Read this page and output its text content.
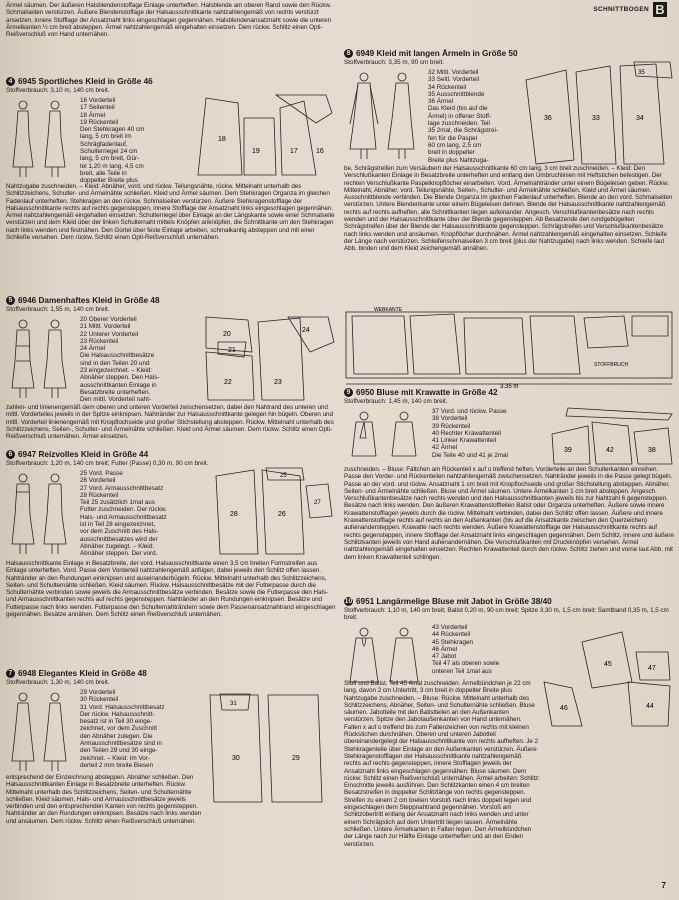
Ärmel säumen. Der äußeren Halsblendenstoffage Einlage unterheften. Halsblende am oberen Rand sowie den Rückw. Schmalseiten verstürzen. Äußere Blendenstoffage der Halsausschnittkante nahtzahlengemäß von rechts verstürzt ansetzen, innere Stofflage der Ansatznaht links eingeschlagen gegennähen. Halsblendenansatznaht sowie die unteren Ärmelkanten ½ cm breit absteppen. Ärmel nahtzahlengemäß eingehalten einsetzen. Dem rückw. Schlitz einen Opti-Reißverschluß von Hand unternähen.
4 6945 Sportliches Kleid in Größe 46
Stoffverbrauch: 3,10 m, 140 cm breit.
16 Vorderteil
17 Seitenteil
18 Ärmel
19 Rückenteil
Den Stehkragen 40 cm
lang, 5 cm breit im
Schrägfadenlauf,
Schulterriegel 24 cm
lang, 5 cm breit, Gür-
tel 1,20 m lang, 4,5 cm
breit, alle Teile in
doppelter Breite plus
18
19	17	16
Nahtzugabe zuschneiden. – Kleid: Abnäher, vord. und rückw. Teilungsnähte, rückw. Mittelnaht unterhalb des Schlitzzeichens, Schulter- und Ärmelnähte schließen. Kleid und Ärmel säumen. Dem Stehkragen Organza im gleichen Fadenlauf unterheften. Stehkragen an den rückw. Schmalseiten verstürzen. Äußere Stehkragenstofflage der Halsausschnittkante rechts auf rechts gegensteppen, innere Stofflage der Ansatznaht links eingeschlagen gegennähen. Ärmel nahtzahlengemäß eingehalten einsetzen. Schulterriegel über Einlage an der Längskante sowie einer Schmalseite verstürzen und dem Kleid über der linken Schulternaht mittels Knöpfen anknöpfen, die Schnittkante um den Stehkragen nach links wenden und festnähen. Den Gürtel über feste Einlage arbeiten, schmalkantig absteppen und mit einer Schließe versehen. Dem rückw. Schlitz einen Opti-Reißverschluß unternähen.
5 6946 Damenhaftes Kleid in Größe 48
Stoffverbrauch: 1,55 m, 140 cm breit.
20 Oberer Vorderteil
21 Mittl. Vorderteil
22 Unterer Vorderteil
23 Rückenteil
24 Ärmel
Die Halsausschnittbesätze
sind in den Teilen 20 und
23 eingezeichnet. – Kleid:
Abnäher steppen. Den Hals-
ausschnittkanten Einlage in
Besatzbreite unterheften.
Den mittl. Vorderteil naht-
20
21
22	23
24
zahlen- und linienengemäß dem oberen und unteren Vorderteil zwischensetzen, dabei den Nahtrand des unteren und mittl. Vorderteiles jeweils in der Spitze einknipsen. Nahtränder zur Halsausschnittkante gelegen hin bügeln. Oberen und mittl. Vorderteil linienengemäß mit Knopflochseide und großer Stichstellung absteppen. Rückw. Mittelnaht unterhalb des Schlitzzeichens, Seiten-, Schulter- und Ärmelnähte schließen. Kleid und Ärmel säumen. Dem rückw. Schlitz einen Opti-Reißverschluß unternähen. Ärmel einsetzen.
6 6947 Reizvolles Kleid in Größe 44
Stoffverbrauch: 1,20 m, 140 cm breit; Futter (Passe) 0,30 m, 90 cm breit.
25 Vord. Passe
26 Vorderteil
27 Vord. Armausschnittbesatz
28 Rückenteil
Teil 25 zusätzlich 1mal aus
Futter zuschneiden. Der rückw.
Hals- und Armausschnittbesatz
ist in Teil 28 eingezeichnet,
vor dem Zuschnitt des Hals-
ausschnittbesatzes wird der
Abnäher zugelegt. – Kleid:
Abnäher steppen. Der vord.
28	26
25
27
Halsausschnittkante Einlage in Besatzbreite, der vord. Halsausschnittkante einen 3,5 cm breiten Formstreifen aus Einlage unterheften. Vord. Passe dem Vorderteil nahtzahlengemäß anfügen, dabei jeweils den Schlitz offen lassen. Nahtränder an den Rundungen einknipsen und auseinanderbügeln. Rückw. Mittelnaht unterhalb des Schlitzzeichens, Seiten- und Schulternähte schließen. Kleid säumen. Rückw. Halsausschnittbesätze mit der Futterpasse durch die Schulternähte verbinden sowie jeweils die Armausschnittbesätze verbinden. Besätze sowie die Futterpasse den Hals- und Armausschnittkanten rechts auf rechts gegensteppen. Nahtränder an den Rundungen einknipsen. Besätze und Futterpasse nach links wenden. Futterpasse den Schulternahträndern sowie dem Passenansatznahtrand eingeschlagen gegennähen. Besätze annähen. Dem Schlitz einen Reißverschluß unternähen.
7 6948 Elegantes Kleid in Größe 48
Stoffverbrauch: 1,30 m, 140 cm breit.
29 Vorderteil
30 Rückenteil
31 Vord. Halsausschnittbesatz
Der rückw. Halsausschnitt-
besatz ist in Teil 30 einge-
zeichnet, vor dem Zuschnitt
den Abnäher zulegen. Die
Armausschnittbesätze sind in
den Teilen 29 und 30 einge-
zeichnet. – Kleid: Im Vor-
derteil 2 mm breite Biesen
30	29
31
entsprechend der Einzeichnung absteppen. Abnäher schließen. Den Halsausschnittkanten Einlage in Besatzbreite unterheften. Rückw. Mittelnaht unterhalb des Schlitzzeichens, Seiten- und Schulternähte schließen. Kleid säumen. Hals- und Armausschnittbesätze jeweils verbinden und den entsprechenden Kanten von rechts gegensteppen. Nahtränder an den Rundungen einknipsen. Besätze nach links wenden und ansäumen. Dem rückw. Schlitz einen Reißverschluß unternähen.
SCHNITTBOGEN B
8 6949 Kleid mit langen Ärmeln in Größe 50
Stoffverbrauch: 3,35 m, 90 cm breit.
32 Mittl. Vorderteil
33 Seitl. Vorderteil
34 Rückenteil
35 Ausschnittblende
36 Ärmel
Das Kleid (bis auf die
Ärmel) in offener Stoff-
lage zuschneiden. Teil
35 2mal, die Schrägstrei-
fen für die Paspel
60 cm lang, 2,5 cm
breit in doppelter
Breite plus Nahtzuga-
36	33	34
35
be, Schrägstreifen zum Versäubern der Halsausschnittkante 60 cm lang, 3 cm breit zuschneiden. – Kleid: Den Verschlußkanten Einlage in Besatzbreite unterheften und entlang den Umbruchlinien mit Heftstichen befestigen. Der rechten Verschlußkante Paspelknopflöcher einarbeiten. Vord. Ärmelnahtränder unter einem Bügeleisen geben. Rückw. Mittelnaht, Abnäher, vord. Teilungsnähte, Seiten-, Schulter- und Ärmelnähte schließen. Kleid und Ärmel säumen. Ausschnittblende verbinden. Die Blende Organza im gleichen Fadenlauf unterheften. Blende an den vord. Schmalseiten verstürzen. Untere Blendenkante unter einem Bügeleisen dehnen. Blende der Halsausschnittkante nahtzahlengemäß rechts auf rechts aufheften, alle Schnittkanten liegen aufeinander. Angesch. Verschlußkantenbesätze nach rechts wenden und der Halsausschnittkante über der Blende gegensteppen. Ab Besatzende den rundgebügelten Schrägstreifen über der Blende der Halsausschnittkante gegensteppen. Schrägstreifen und Verschlußkantenbesätze nach links wenden und ansäumen. Knopflöcher durchnähen. Ärmel nahtzahlengemäß eingehalten einsetzen. Schleife der Länge nach verstürzen. Schleifenschmalseiten 3 cm breit (plus der Nahtzugabe) nach links wenden. Schleife laut Abb. binden und dem Kleid zeichengemäß annähen.
WEBKANTE
STOFFBRUCH
3,35 m
9 6950 Bluse mit Krawatte in Größe 42
Stoffverbrauch: 1,45 m, 140 cm breit.
37 Vord. und rückw. Passe
38 Vorderteil
39 Rückenteil
40 Rechter Krawattenteil
41 Linker Krawattenteil
42 Ärmel
Die Teile 40 und 41 je 2mal
39	42	38
zuschneiden. – Bluse: Fältchen am Rückenteil x auf o treffend heften. Vorderteile an den Schulterkanten einreihen. Passe den Vorder- und Rückenteilen nahtzahlengemäß zwischensetzen. Nahtränder jeweils in die Passe gelegt bügeln. Passe an der vord. und rückw. Ansatznaht 1 cm breit mit Knopflochseide und großer Stichstellung absteppen. Abnäher, Seiten- und Ärmelnähte schließen. Bluse und Ärmel säumen. Untere Ärmelkanten 1 cm breit absteppen. Angesch. Verschlußkantenbesätze nach rechts wenden und den Halsausschnittkanten jeweils bis zur Nahtzahl 6 gegensteppen. Besätze nach links wenden. Den äußeren Krawattenstoffteilen Batist oder Organza unterheften. Äußere sowie innere Krawattenstofflagen jeweils durch die rückw. Mittelnaht verbinden, dabei den Schlitz offen lassen. Äußere und innere Krawattenstofflage rechts auf rechts an den Außenkanten (bis auf die Ansatzkante zwischen den Querzeichen) aufeinandersteppen. Krawatte nach rechts wenden. Äußere Krawattenstofflage der Halsausschnittkante rechts auf rechts gegensteppen, innere Stofflage der Ansatznaht links eingeschlagen gegennähen. Dem Schlitz, innere und äußere Schlitzkanten jeweils von Hand aufeinandernähen. Die Verschlußkanten mit Druckknöpfen versehen. Ärmel nahtzahlengemäß eingehalten einsetzen. Rechten Krawattenteil durch den rückw. Schlitz ziehen und vorne laut Abb. mit dem linken Krawattenteil schlingen.
10 6951 Langärmelige Bluse mit Jabot in Größe 38/40
Stoffverbrauch: 1,10 m, 140 cm breit; Batist 0,20 m, 90 cm breit; Spitze 3,30 m, 1,5 cm breit; Samtband 0,35 m, 1,5 cm breit.
43 Vorderteil
44 Rückenteil
45 Stehkragen
46 Ärmel
47 Jabot
Teil 47 als oberen sowie
unteren Teil 1mal aus
45
44
47
46
Stoff und Batist. Teil 45 4mal zuschneiden. Ärmelbündchen je 22 cm lang, davon 2 cm Untertritt, 3 cm breit in doppelter Breite plus Nahtzugabe zuschneiden. – Bluse: Rückw. Mittelnaht unterhalb des Schlitzzeichens, Abnäher, Seiten- und Schulternähte schließen. Bluse säumen. Jabotteile mit den Batistteilen an den Außenkanten verstürzen. Spitze den Jabotaußenkanten von Hand unternähen. Falten x auf o treffend bis zum Faltenzeichen von rechts mit kleinen Rückstichen durchnähen. Oberen und unteren Jabotteil übereinandergelegt der Halsausschnittkante von rechts aufheften. Je 2 Stehkragenteile über Einlage an den Außenkanten verstürzen. Äußere Stehkragenstofflagen der Halsausschnittkante nahtzahlengemäß rechts auf rechts gegensteppen, innere Stofflagen jeweils der Ansatznaht links eingeschlagen gegennähen. Bluse säumen. Dem rückw. Schlitz einen Reißverschluß unternähen. Ärmel arbeiten: Schlitz: Einschnitte jeweils ausführen. Den Schlitzkanten einen 4 cm breiten Besatzstreifen in doppelter Schlitzlänge von rechts gegensteppen. Streifen zu einem 2 cm breiten Vorstoß nach links doppelt legen und eingeschlagen dem Steppnahtrand gegennähen. Vorstoß am Schlitzobertritt entlang der Ansatznaht nach links wenden und unter einem Schrägstich auf dem Untertritt liegen lassen. Ärmelnähte schließen. Untere Ärmelkanten in Falten legen. Den Ärmelbündchen der Länge nach zur Hälfte Einlage unterheften und an den Enden verstürzen.
7
